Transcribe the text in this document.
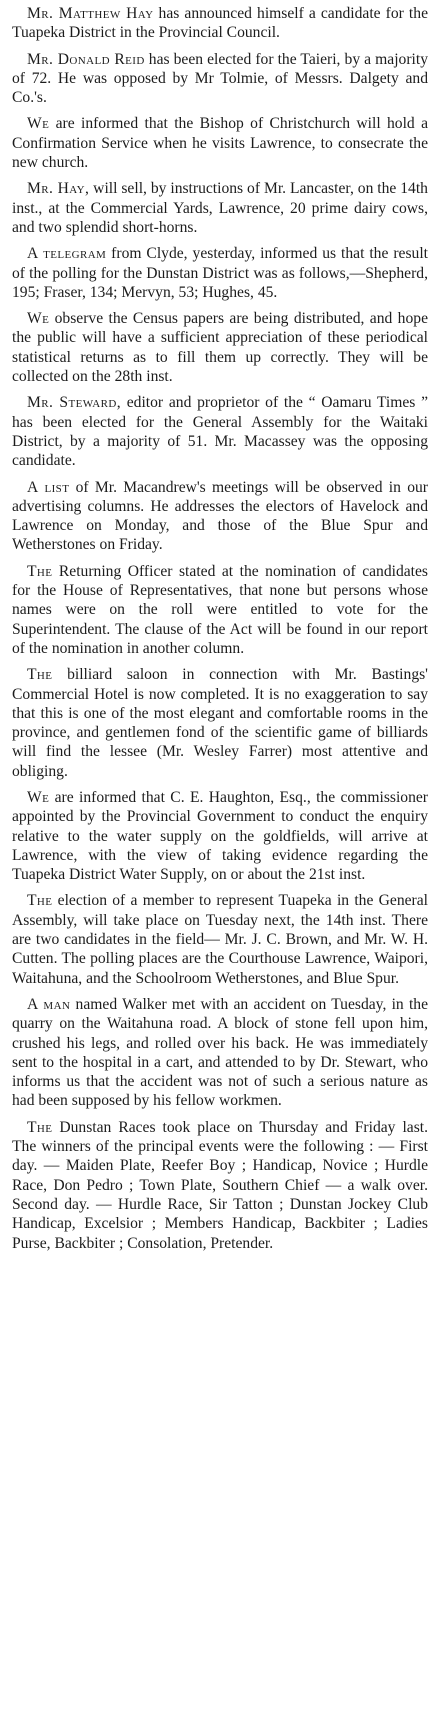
Mr. Matthew Hay has announced himself a candidate for the Tuapeka District in the Provincial Council.

Mr. Donald Reid has been elected for the Taieri, by a majority of 72. He was opposed by Mr Tolmie, of Messrs. Dalgety and Co.'s.

We are informed that the Bishop of Christchurch will hold a Confirmation Service when he visits Lawrence, to consecrate the new church.

Mr. Hay, will sell, by instructions of Mr. Lancaster, on the 14th inst., at the Commercial Yards, Lawrence, 20 prime dairy cows, and two splendid short-horns.

A telegram from Clyde, yesterday, informed us that the result of the polling for the Dunstan District was as follows,—Shepherd, 195; Fraser, 134; Mervyn, 53; Hughes, 45.

We observe the Census papers are being distributed, and hope the public will have a sufficient appreciation of these periodical statistical returns as to fill them up correctly. They will be collected on the 28th inst.

Mr. Steward, editor and proprietor of the “ Oamaru Times ” has been elected for the General Assembly for the Waitaki District, by a majority of 51. Mr. Macassey was the opposing candidate.

A list of Mr. Macandrew's meetings will be observed in our advertising columns. He addresses the electors of Havelock and Lawrence on Monday, and those of the Blue Spur and Wetherstones on Friday.

The Returning Officer stated at the nomination of candidates for the House of Representatives, that none but persons whose names were on the roll were entitled to vote for the Superintendent. The clause of the Act will be found in our report of the nomination in another column.

The billiard saloon in connection with Mr. Bastings' Commercial Hotel is now completed. It is no exaggeration to say that this is one of the most elegant and comfortable rooms in the province, and gentlemen fond of the scientific game of billiards will find the lessee (Mr. Wesley Farrer) most attentive and obliging.

We are informed that C. E. Haughton, Esq., the commissioner appointed by the Provincial Government to conduct the enquiry relative to the water supply on the goldfields, will arrive at Lawrence, with the view of taking evidence regarding the Tuapeka District Water Supply, on or about the 21st inst.

The election of a member to represent Tuapeka in the General Assembly, will take place on Tuesday next, the 14th inst. There are two candidates in the field— Mr. J. C. Brown, and Mr. W. H. Cutten. The polling places are the Courthouse Lawrence, Waipori, Waitahuna, and the Schoolroom Wetherstones, and Blue Spur.

A man named Walker met with an accident on Tuesday, in the quarry on the Waitahuna road. A block of stone fell upon him, crushed his legs, and rolled over his back. He was immediately sent to the hospital in a cart, and attended to by Dr. Stewart, who informs us that the accident was not of such a serious nature as had been supposed by his fellow workmen.

The Dunstan Races took place on Thursday and Friday last. The winners of the principal events were the following : — First day. — Maiden Plate, Reefer Boy ; Handicap, Novice ; Hurdle Race, Don Pedro ; Town Plate, Southern Chief — a walk over. Second day. — Hurdle Race, Sir Tatton ; Dunstan Jockey Club Handicap, Excelsior ; Members Handicap, Backbiter ; Ladies Purse, Backbiter ; Consolation, Pretender.
